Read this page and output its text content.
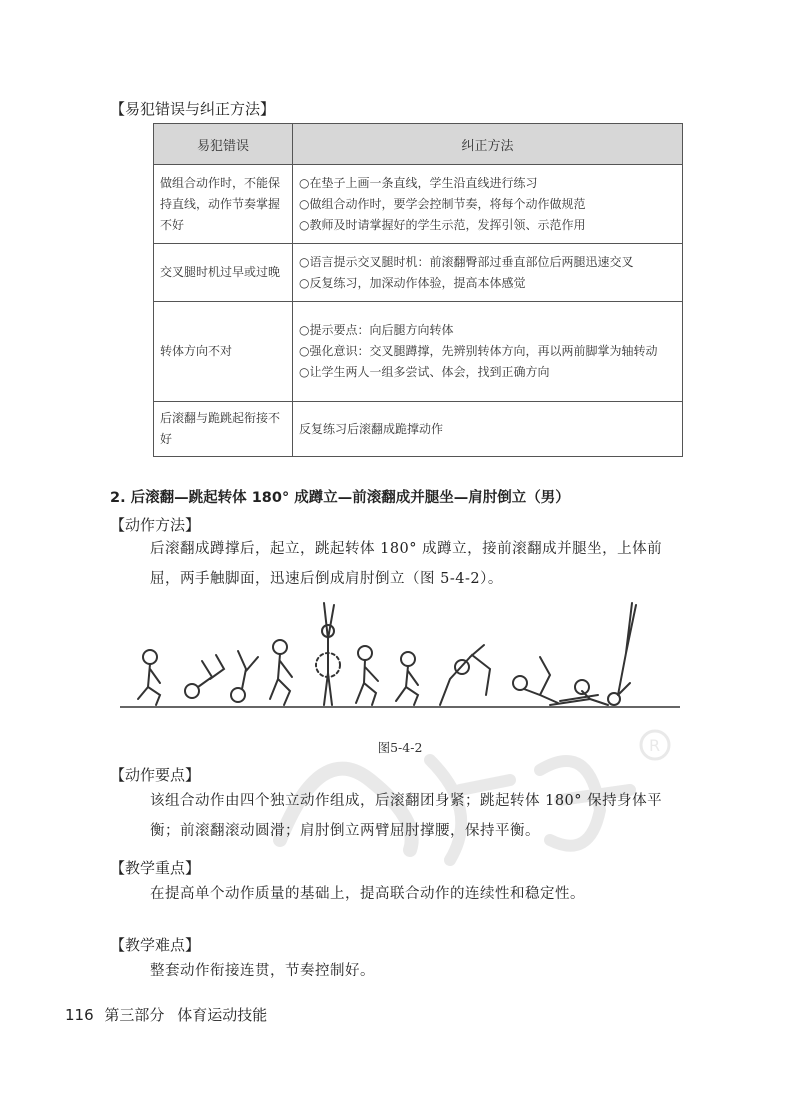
R
【易犯错误与纠正方法】
易犯错误	纠正方法
做组合动作时，不能保持直线，动作节奏掌握不好	○在垫子上画一条直线，学生沿直线进行练习
○做组合动作时，要学会控制节奏，将每个动作做规范
○教师及时请掌握好的学生示范，发挥引领、示范作用

交叉腿时机过早或过晚	○语言提示交叉腿时机：前滚翻臀部过垂直部位后两腿迅速交叉
○反复练习，加深动作体验，提高本体感觉

转体方向不对	○提示要点：向后腿方向转体
○强化意识：交叉腿蹲撑，先辨别转体方向，再以两前脚掌为轴转动
○让学生两人一组多尝试、体会，找到正确方向

后滚翻与跪跳起衔接不好	反复练习后滚翻成跪撑动作
2. 后滚翻—跳起转体 180° 成蹲立—前滚翻成并腿坐—肩肘倒立（男）
【动作方法】
后滚翻成蹲撑后，起立，跳起转体 180° 成蹲立，接前滚翻成并腿坐，上体前屈，两手触脚面，迅速后倒成肩肘倒立（图 5-4-2）。
图5-4-2
【动作要点】
该组合动作由四个独立动作组成，后滚翻团身紧；跳起转体 180° 保持身体平衡；前滚翻滚动圆滑；肩肘倒立两臂屈肘撑腰，保持平衡。
【教学重点】
在提高单个动作质量的基础上，提高联合动作的连续性和稳定性。
【教学难点】
整套动作衔接连贯，节奏控制好。
116 第三部分 体育运动技能
